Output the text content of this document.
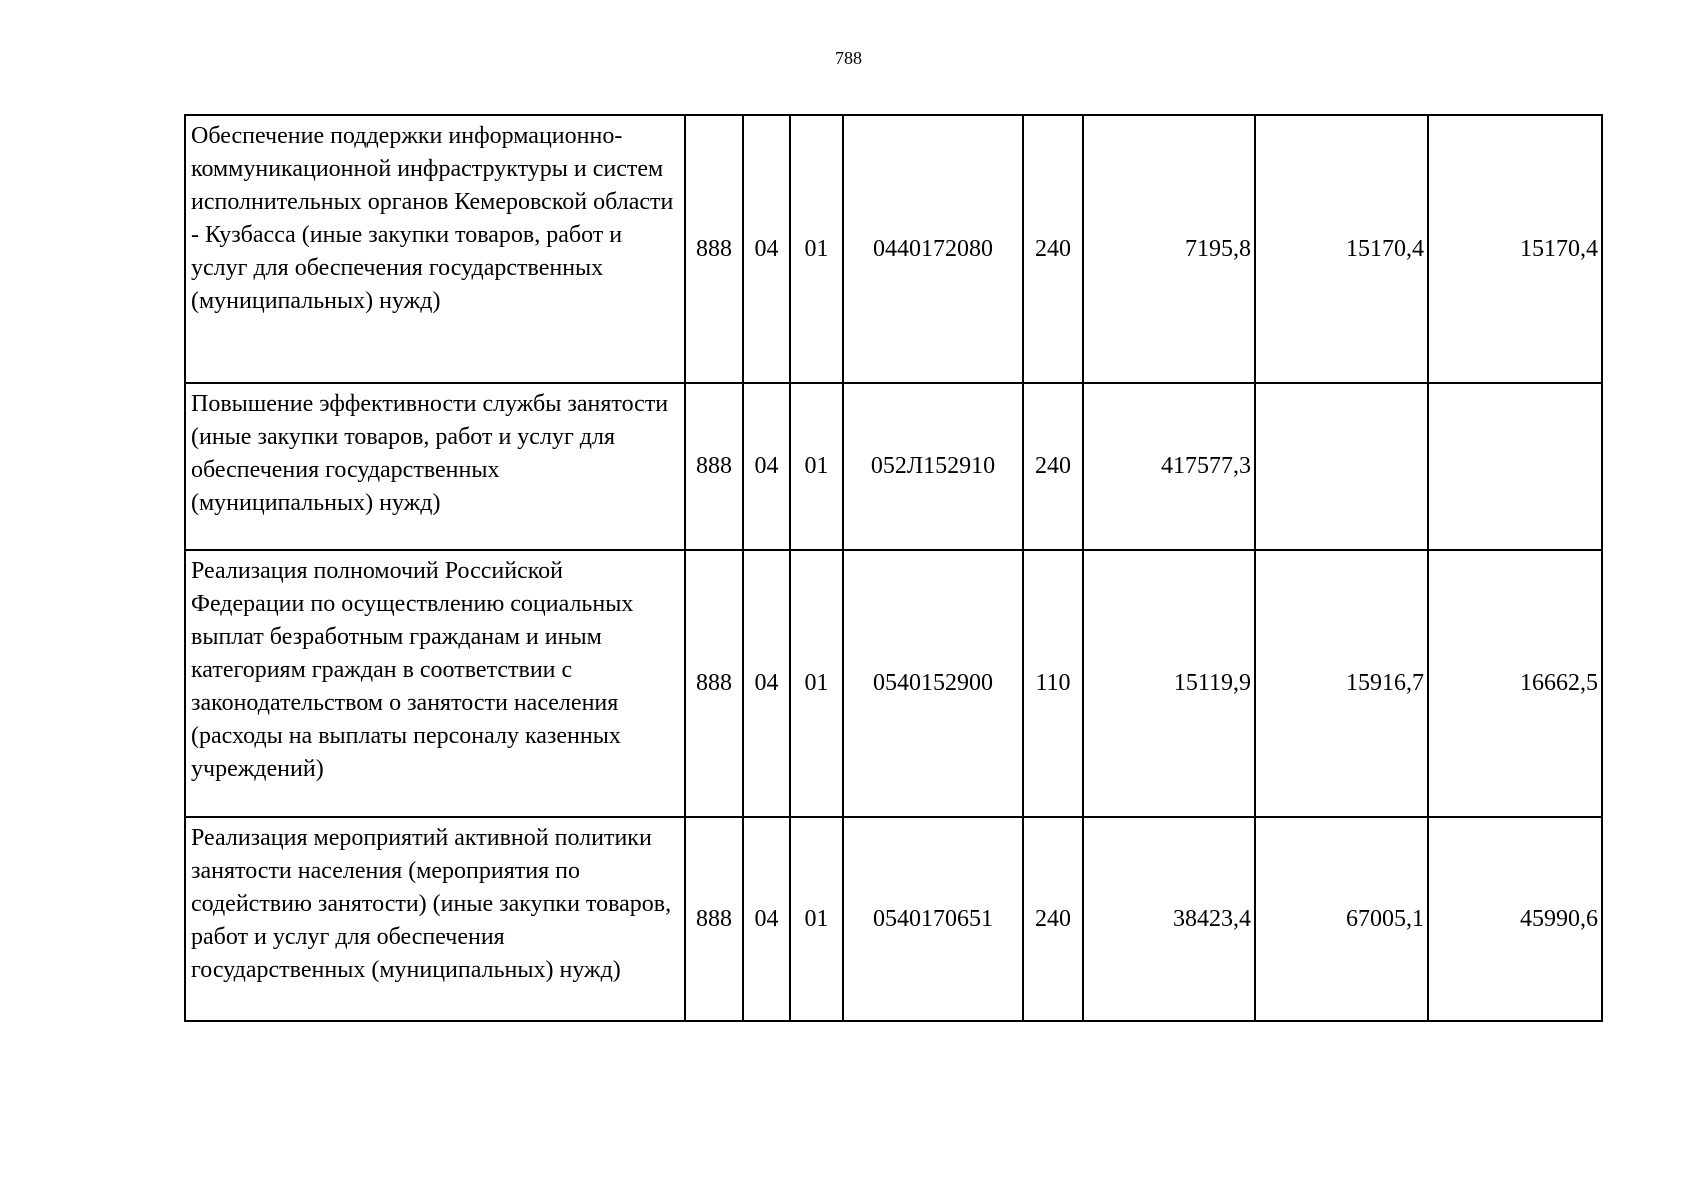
788
Обеспечение поддержки информационно-коммуникационной инфраструктуры и систем исполнительных органов Кемеровской области - Кузбасса (иные закупки товаров, работ и услуг для обеспечения государственных (муниципальных) нужд)	888	04	01	0440172080	240	7195,8	15170,4	15170,4
Повышение эффективности службы занятости (иные закупки товаров, работ и услуг для обеспечения государственных (муниципальных) нужд)	888	04	01	052Л152910	240	417577,3		
Реализация полномочий Российской Федерации по осуществлению социальных выплат безработным гражданам и иным категориям граждан в соответствии с законодательством о занятости населения (расходы на выплаты персоналу казенных учреждений)	888	04	01	0540152900	110	15119,9	15916,7	16662,5
Реализация мероприятий активной политики занятости населения (мероприятия по содействию занятости) (иные закупки товаров, работ и услуг для обеспечения государственных (муниципальных) нужд)	888	04	01	0540170651	240	38423,4	67005,1	45990,6
